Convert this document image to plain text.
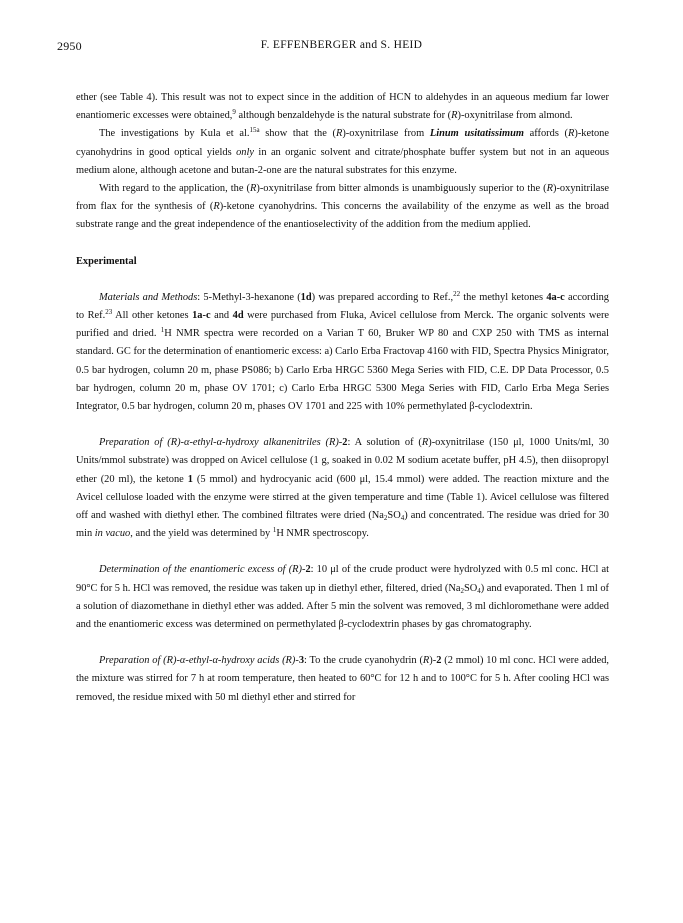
2950	F. EFFENBERGER and S. HEID

ether (see Table 4). This result was not to expect since in the addition of HCN to aldehydes in an aqueous medium far lower enantiomeric excesses were obtained,$^9$ although benzaldehyde is the natural substrate for (R)-oxynitrilase from almond.

The investigations by Kula et al.$^{15a}$ show that the (R)-oxynitrilase from Linum usitatissimum affords (R)-ketone cyanohydrins in good optical yields only in an organic solvent and citrate/phosphate buffer system but not in an aqueous medium alone, although acetone and butan-2-one are the natural substrates for this enzyme.

With regard to the application, the (R)-oxynitrilase from bitter almonds is unambiguously superior to the (R)-oxynitrilase from flax for the synthesis of (R)-ketone cyanohydrins. This concerns the availability of the enzyme as well as the broad substrate range and the great independence of the enantioselectivity of the addition from the medium applied.

Experimental

Materials and Methods: 5-Methyl-3-hexanone (1d) was prepared according to Ref.,$^{22}$ the methyl ketones 4a-c according to Ref.$^{23}$ All other ketones 1a-c and 4d were purchased from Fluka, Avicel cellulose from Merck. The organic solvents were purified and dried. $^1$H NMR spectra were recorded on a Varian T 60, Bruker WP 80 and CXP 250 with TMS as internal standard. GC for the determination of enantiomeric excess: a) Carlo Erba Fractovap 4160 with FID, Spectra Physics Minigrator, 0.5 bar hydrogen, column 20 m, phase PS086; b) Carlo Erba HRGC 5360 Mega Series with FID, C.E. DP Data Processor, 0.5 bar hydrogen, column 20 m, phase OV 1701; c) Carlo Erba HRGC 5300 Mega Series with FID, Carlo Erba Mega Series Integrator, 0.5 bar hydrogen, column 20 m, phases OV 1701 and 225 with 10% permethylated β-cyclodextrin.

Preparation of (R)-α-ethyl-α-hydroxy alkanenitriles (R)-2: A solution of (R)-oxynitrilase (150 μl, 1000 Units/ml, 30 Units/mmol substrate) was dropped on Avicel cellulose (1 g, soaked in 0.02 M sodium acetate buffer, pH 4.5), then diisopropyl ether (20 ml), the ketone 1 (5 mmol) and hydrocyanic acid (600 μl, 15.4 mmol) were added. The reaction mixture and the Avicel cellulose loaded with the enzyme were stirred at the given temperature and time (Table 1). Avicel cellulose was filtered off and washed with diethyl ether. The combined filtrates were dried $(Na_2SO_4)$ and concentrated. The residue was dried for 30 min in vacuo, and the yield was determined by $^1$H NMR spectroscopy.

Determination of the enantiomeric excess of (R)-2: 10 μl of the crude product were hydrolyzed with 0.5 ml conc. HCl at 90°C for 5 h. HCl was removed, the residue was taken up in diethyl ether, filtered, dried $(Na_2SO_4)$ and evaporated. Then 1 ml of a solution of diazomethane in diethyl ether was added. After 5 min the solvent was removed, 3 ml dichloromethane were added and the enantiomeric excess was determined on permethylated β-cyclodextrin phases by gas chromatography.

Preparation of (R)-α-ethyl-α-hydroxy acids (R)-3: To the crude cyanohydrin (R)-2 (2 mmol) 10 ml conc. HCl were added, the mixture was stirred for 7 h at room temperature, then heated to 60°C for 12 h and to 100°C for 5 h. After cooling HCl was removed, the residue mixed with 50 ml diethyl ether and stirred for
